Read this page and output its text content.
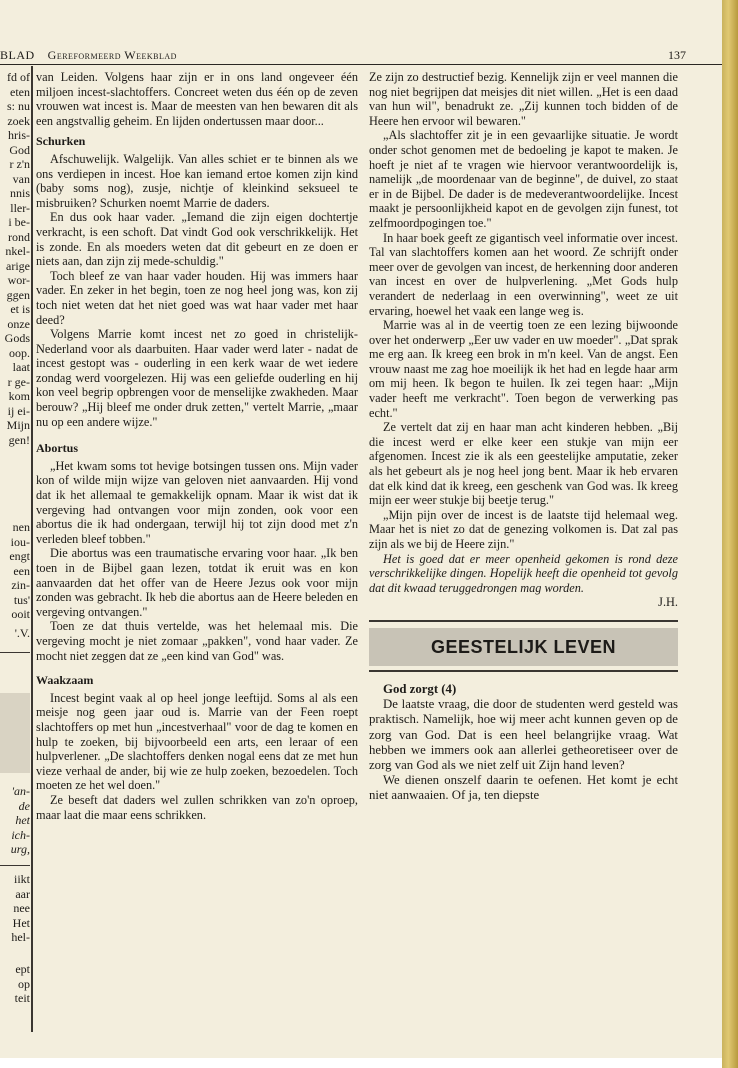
BLAD Gereformeerd Weekblad	137
fd of
eten
s: nu
zoek
hris-
God
r z'n
van
nnis
ller-
i be-
rond
nkel-
arige
wor-
ggen
et is
onze
Gods
oop.
laat
r ge-
kom
ij ei-
Mijn
gen!
nen
iou-
engt
een
zin-
tus'
ooit
'.V.
'an-
de
het
ich-
urg,
iikt
aar
nee
Het
hel-
ept
op
teit

van Leiden. Volgens haar zijn er in ons land ongeveer één miljoen incest-slachtoffers. Concreet weten dus één op de zeven vrouwen wat incest is. Maar de meesten van hen bewaren dit als een angstvallig geheim. En lijden ondertussen maar door...

Schurken

Afschuwelijk. Walgelijk. Van alles schiet er te binnen als we ons verdiepen in incest. Hoe kan iemand ertoe komen zijn kind (baby soms nog), zusje, nichtje of kleinkind seksueel te misbruiken? Schurken noemt Marrie de daders.

En dus ook haar vader. „Iemand die zijn eigen dochtertje verkracht, is een schoft. Dat vindt God ook verschrikkelijk. Het is zonde. En als moeders weten dat dit gebeurt en ze doen er niets aan, dan zijn zij mede-schuldig."

Toch bleef ze van haar vader houden. Hij was immers haar vader. En zeker in het begin, toen ze nog heel jong was, kon zij toch niet weten dat het niet goed was wat haar vader met haar deed?

Volgens Marrie komt incest net zo goed in christelijk-Nederland voor als daarbuiten. Haar vader werd later - nadat de incest gestopt was - ouderling in een kerk waar de wet iedere zondag werd voorgelezen. Hij was een geliefde ouderling en hij kon veel begrip opbrengen voor de menselijke zwakheden. Maar berouw? „Hij bleef me onder druk zetten," vertelt Marrie, „maar nu op een andere wijze."

Abortus

„Het kwam soms tot hevige botsingen tussen ons. Mijn vader kon of wilde mijn wijze van geloven niet aanvaarden. Hij vond dat ik het allemaal te gemakkelijk opnam. Maar ik wist dat ik vergeving had ontvangen voor mijn zonden, ook voor een abortus die ik had ondergaan, terwijl hij tot zijn dood met z'n verleden bleef tobben."

Die abortus was een traumatische ervaring voor haar. „Ik ben toen in de Bijbel gaan lezen, totdat ik eruit was en kon aanvaarden dat het offer van de Heere Jezus ook voor mijn zonden was gebracht. Ik heb die abortus aan de Heere beleden en vergeving ontvangen."

Toen ze dat thuis vertelde, was het helemaal mis. Die vergeving mocht je niet zomaar „pakken", vond haar vader. Ze mocht niet zeggen dat ze „een kind van God" was.

Waakzaam

Incest begint vaak al op heel jonge leeftijd. Soms al als een meisje nog geen jaar oud is. Marrie van der Feen roept slachtoffers op met hun „incestverhaal" voor de dag te komen en hulp te zoeken, bij bijvoorbeeld een arts, een leraar of een hulpverlener. „De slachtoffers denken nogal eens dat ze met hun vieze verhaal de ander, bij wie ze hulp zoeken, bezoedelen. Toch moeten ze het wel doen."

Ze beseft dat daders wel zullen schrikken van zo'n oproep, maar laat die maar eens schrikken.

Ze zijn zo destructief bezig. Kennelijk zijn er veel mannen die nog niet begrijpen dat meisjes dit niet willen. „Het is een daad van hun wil", benadrukt ze. „Zij kunnen toch bidden of de Heere hen ervoor wil bewaren."

„Als slachtoffer zit je in een gevaarlijke situatie. Je wordt onder schot genomen met de bedoeling je kapot te maken. Je hoeft je niet af te vragen wie hiervoor verantwoordelijk is, namelijk „de moordenaar van de beginne", de duivel, zo staat er in de Bijbel. De dader is de medeverantwoordelijke. Incest maakt je persoonlijkheid kapot en de gevolgen zijn funest, tot zelfmoordpogingen toe."

In haar boek geeft ze gigantisch veel informatie over incest. Tal van slachtoffers komen aan het woord. Ze schrijft onder meer over de gevolgen van incest, de herkenning door anderen van incest en over de hulpverlening. „Met Gods hulp verandert de nederlaag in een overwinning", weet ze uit ervaring, hoewel het vaak een lange weg is.

Marrie was al in de veertig toen ze een lezing bijwoonde over het onderwerp „Eer uw vader en uw moeder". „Dat sprak me erg aan. Ik kreeg een brok in m'n keel. Van de angst. Een vrouw naast me zag hoe moeilijk ik het had en legde haar arm om mij heen. Ik begon te huilen. Ik zei tegen haar: „Mijn vader heeft me verkracht". Toen begon de verwerking pas echt."

Ze vertelt dat zij en haar man acht kinderen hebben. „Bij die incest werd er elke keer een stukje van mijn eer afgenomen. Incest zie ik als een geestelijke amputatie, zeker als het gebeurt als je nog heel jong bent. Maar ik heb ervaren dat elk kind dat ik kreeg, een geschenk van God was. Ik kreeg mijn eer weer stukje bij beetje terug."

„Mijn pijn over de incest is de laatste tijd helemaal weg. Maar het is niet zo dat de genezing volkomen is. Dat zal pas zijn als we bij de Heere zijn."

Het is goed dat er meer openheid gekomen is rond deze verschrikkelijke dingen. Hopelijk heeft die openheid tot gevolg dat dit kwaad teruggedrongen mag worden.

J.H.

GEESTELIJK LEVEN

God zorgt (4)

De laatste vraag, die door de studenten werd gesteld was praktisch. Namelijk, hoe wij meer acht kunnen geven op de zorg van God. Dat is een heel belangrijke vraag. Wat hebben we immers ook aan allerlei getheoretiseer over de zorg van God als we niet zelf uit Zijn hand leven?

We dienen onszelf daarin te oefenen. Het komt je echt niet aanwaaien. Of ja, ten diepste
